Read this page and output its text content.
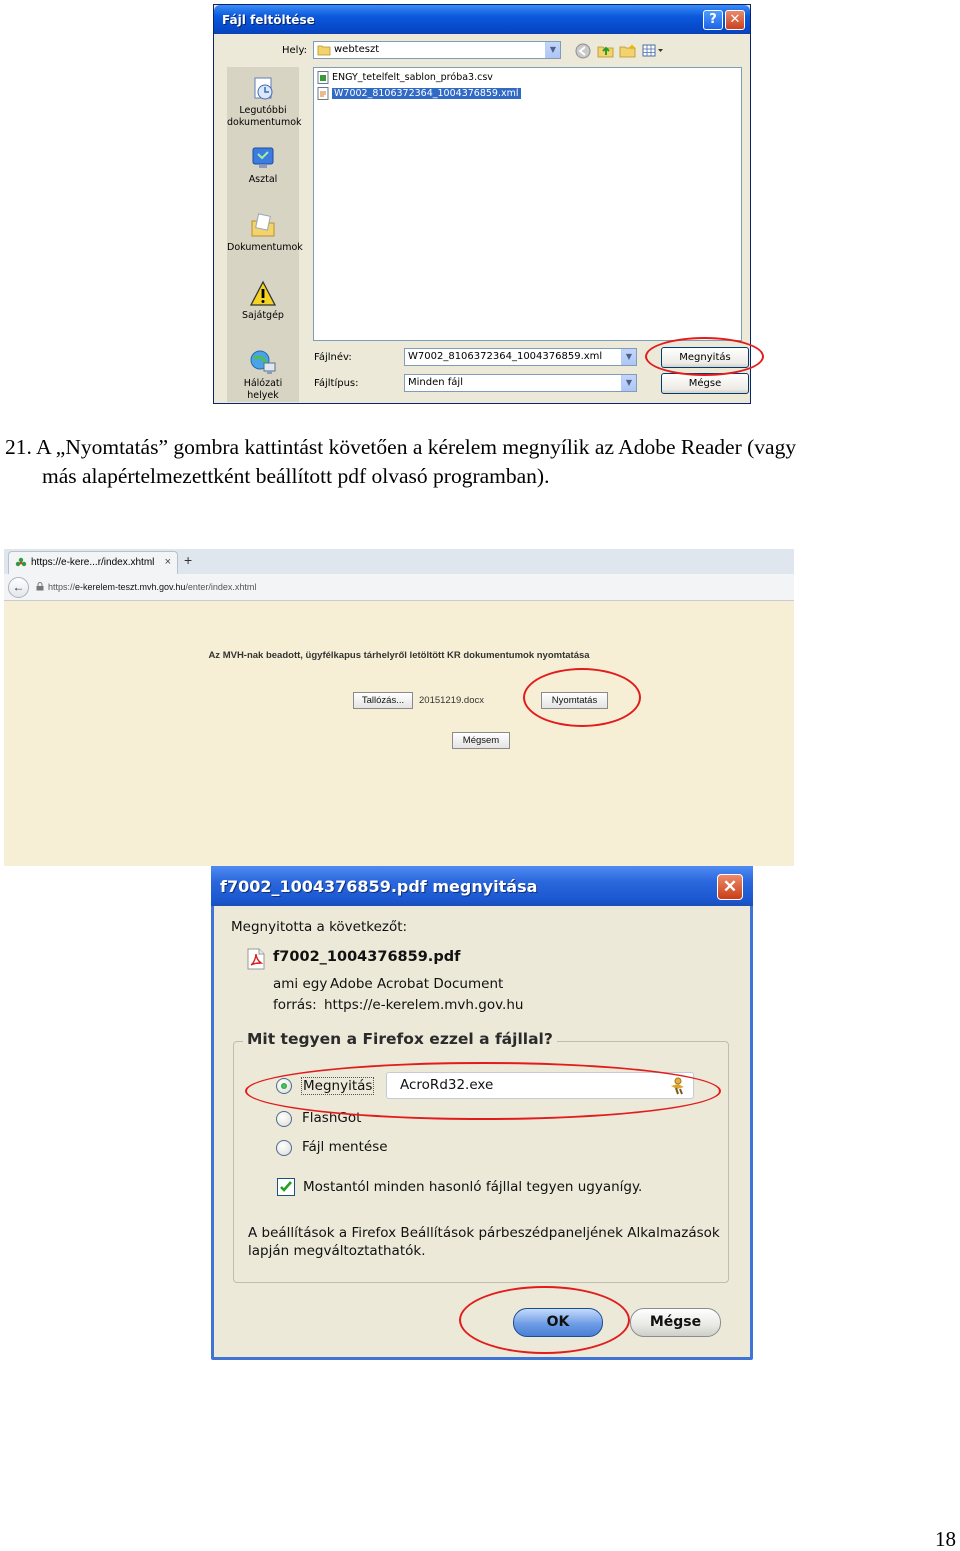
Fájl feltöltése	? ✕
Hely:	webteszt	▼
Legutóbbi
dokumentumok
Asztal
Dokumentumok
Sajátgép
Hálózati helyek
ENGY_tetelfelt_sablon_próba3.csv
W7002_8106372364_1004376859.xml
Fájlnév:	W7002_8106372364_1004376859.xml	▼
Fájltípus:	Minden fájl	▼
Megnyitás
Mégse
21. A „Nyomtatás” gombra kattintást követően a kérelem megnyílik az Adobe Reader (vagy
más alapértelmezettként beállított pdf olvasó programban).
https://e-kere...r/index.xhtml × +
←	https://e-kerelem-teszt.mvh.gov.hu/enter/index.xhtml
Az MVH-nak beadott, ügyfélkapus tárhelyről letöltött KR dokumentumok nyomtatása
Tallózás...	20151219.docx	Nyomtatás
Mégsem
f7002_1004376859.pdf megnyitása	✕
Megnyitotta a következőt:
f7002_1004376859.pdf
ami egy Adobe Acrobat Document
forrás: https://e-kerelem.mvh.gov.hu
Mit tegyen a Firefox ezzel a fájllal?
Megnyitás	AcroRd32.exe
FlashGot
Fájl mentése
Mostantól minden hasonló fájllal tegyen ugyanígy.
A beállítások a Firefox Beállítások párbeszédpaneljének Alkalmazások
lapján megváltoztathatók.
OK	Mégse
18
